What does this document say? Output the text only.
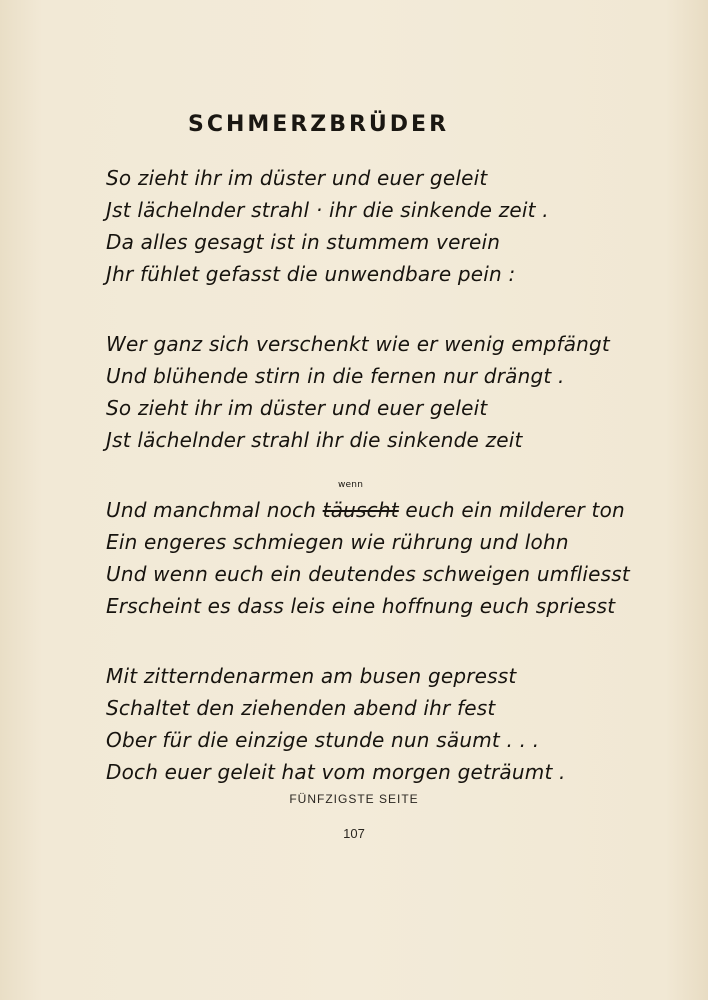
SCHMERZBRÜDER
So zieht ihr im düster und euer geleit
Jst lächelnder strahl · ihr die sinkende zeit .
Da alles gesagt ist in stummem verein
Jhr fühlet gefasst die unwendbare pein :
Wer ganz sich verschenkt wie er wenig empfängt
Und blühende stirn in die fernen nur drängt .
So zieht ihr im düster und euer geleit
Jst lächelnder strahl ihr die sinkende zeit
Und manchmal noch täuscht euch ein milderer ton
wenn
Ein engeres schmiegen wie rührung und lohn
Und wenn euch ein deutendes schweigen umfliesst
Erscheint es dass leis eine hoffnung euch spriesst
Mit zitterndenarmen am busen gepresst
Schaltet den ziehenden abend ihr fest
Ober für die einzige stunde nun säumt . . .
Doch euer geleit hat vom morgen geträumt .
FÜNFZIGSTE SEITE
107
